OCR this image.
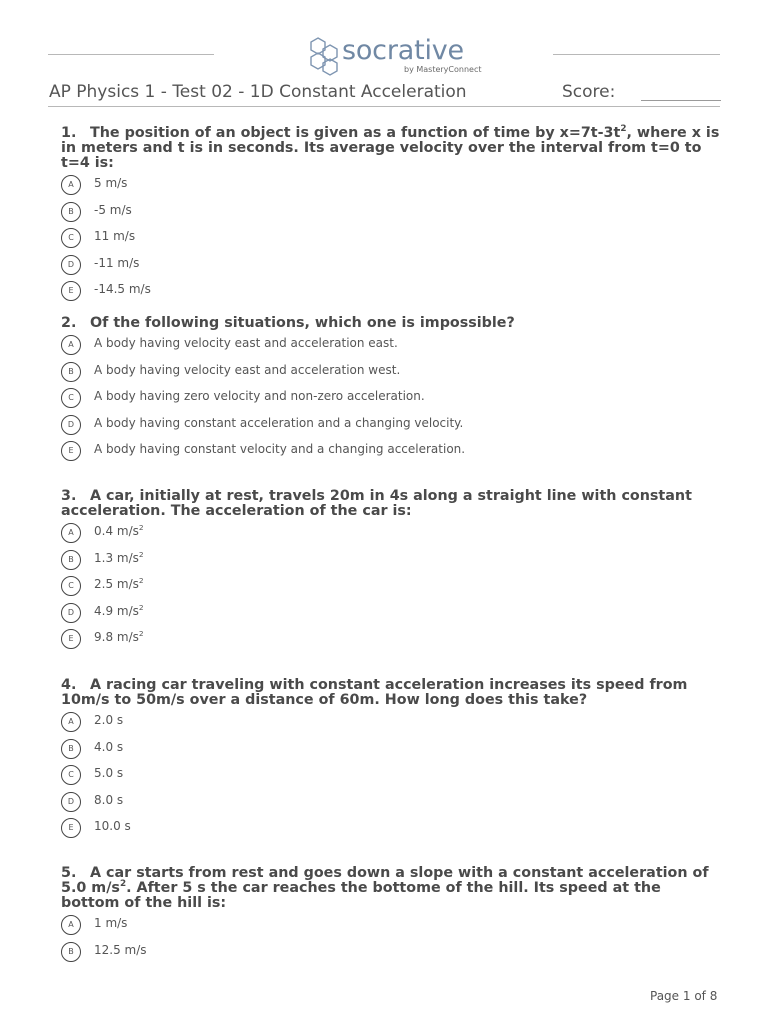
socrative
by MasteryConnect
AP Physics 1 - Test 02 - 1D Constant Acceleration	Score:

1. The position of an object is given as a function of time by $x=7t-3t^2$, where x is in meters and t is in seconds. Its average velocity over the interval from t=0 to t=4 is:

A	5 m/s
B	-5 m/s
C	11 m/s
D	-11 m/s
E	-14.5 m/s

2. Of the following situations, which one is impossible?

A	A body having velocity east and acceleration east.
B	A body having velocity east and acceleration west.
C	A body having zero velocity and non-zero acceleration.
D	A body having constant acceleration and a changing velocity.
E	A body having constant velocity and a changing acceleration.

3. A car, initially at rest, travels 20m in 4s along a straight line with constant acceleration. The acceleration of the car is:

A	0.4 $m/s^2$
B	1.3 $m/s^2$
C	2.5 $m/s^2$
D	4.9 $m/s^2$
E	9.8 $m/s^2$

4. A racing car traveling with constant acceleration increases its speed from 10m/s to 50m/s over a distance of 60m. How long does this take?

A	2.0 s
B	4.0 s
C	5.0 s
D	8.0 s
E	10.0 s

5. A car starts from rest and goes down a slope with a constant acceleration of 5.0 $m/s^2$. After 5 s the car reaches the bottome of the hill. Its speed at the bottom of the hill is:

A	1 m/s
B	12.5 m/s
Page 1 of 8
